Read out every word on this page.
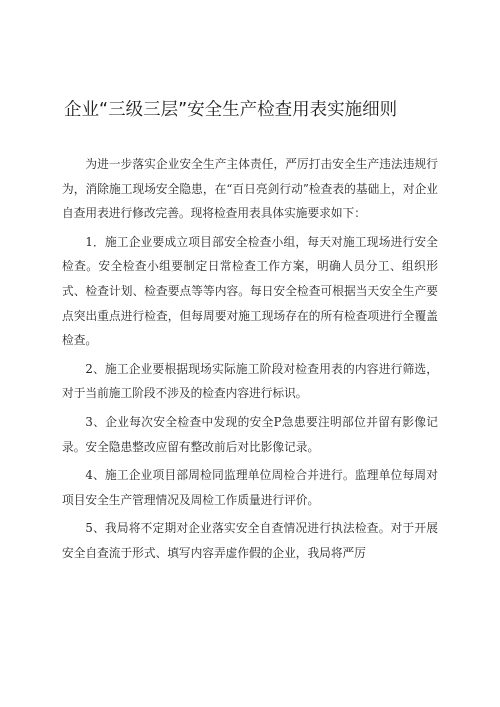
企业“三级三层”安全生产检查用表实施细则

为进一步落实企业安全生产主体责任，严厉打击安全生产违法违规行为，消除施工现场安全隐患，在“百日亮剑行动”检查表的基础上，对企业自查用表进行修改完善。现将检查用表具体实施要求如下：

1．施工企业要成立项目部安全检查小组，每天对施工现场进行安全检查。安全检查小组要制定日常检查工作方案，明确人员分工、组织形式、检查计划、检查要点等等内容。每日安全检查可根据当天安全生产要点突出重点进行检查，但每周要对施工现场存在的所有检查项进行全覆盖检查。

2、施工企业要根据现场实际施工阶段对检查用表的内容进行筛选，对于当前施工阶段不涉及的检查内容进行标识。

3、企业每次安全检查中发现的安全P急患要注明部位并留有影像记录。安全隐患整改应留有整改前后对比影像记录。

4、施工企业项目部周检同监理单位周检合并进行。监理单位每周对项目安全生产管理情况及周检工作质量进行评价。

5、我局将不定期对企业落实安全自查情况进行执法检查。对于开展安全自查流于形式、填写内容弄虚作假的企业，我局将严厉
